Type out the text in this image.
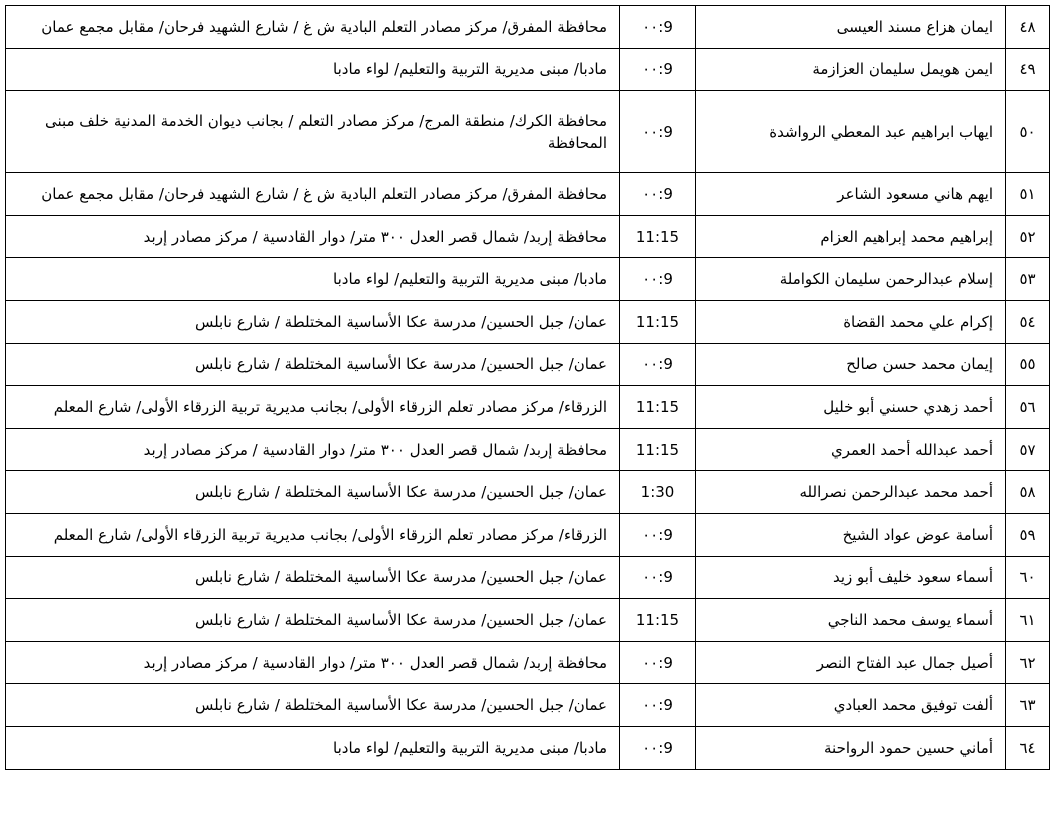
٤٨	ايمان هزاع مسند العيسى	9:٠٠	محافظة المفرق/ مركز مصادر التعلم البادية ش غ / شارع الشهيد فرحان/ مقابل مجمع عمان
٤٩	ايمن هويمل سليمان العزازمة	9:٠٠	مادبا/ مبنى مديرية التربية والتعليم/ لواء مادبا
٥٠	ايهاب ابراهيم عبد المعطي الرواشدة	9:٠٠	محافظة الكرك/ منطقة المرج/ مركز مصادر التعلم / بجانب ديوان الخدمة المدنية خلف مبنى المحافظة
٥١	ايهم هاني مسعود الشاعر	9:٠٠	محافظة المفرق/ مركز مصادر التعلم البادية ش غ / شارع الشهيد فرحان/ مقابل مجمع عمان
٥٢	إبراهيم محمد إبراهيم العزام	11:15	محافظة إربد/ شمال قصر العدل ٣٠٠ متر/ دوار القادسية / مركز مصادر إربد
٥٣	إسلام عبدالرحمن سليمان الكواملة	9:٠٠	مادبا/ مبنى مديرية التربية والتعليم/ لواء مادبا
٥٤	إكرام علي محمد القضاة	11:15	عمان/ جبل الحسين/ مدرسة عكا الأساسية المختلطة / شارع نابلس
٥٥	إيمان محمد حسن صالح	9:٠٠	عمان/ جبل الحسين/ مدرسة عكا الأساسية المختلطة / شارع نابلس
٥٦	أحمد زهدي حسني أبو خليل	11:15	الزرقاء/ مركز مصادر تعلم الزرقاء الأولى/ بجانب مديرية تربية الزرقاء الأولى/ شارع المعلم
٥٧	أحمد عبدالله أحمد العمري	11:15	محافظة إربد/ شمال قصر العدل ٣٠٠ متر/ دوار القادسية / مركز مصادر إربد
٥٨	أحمد محمد عبدالرحمن نصرالله	1:30	عمان/ جبل الحسين/ مدرسة عكا الأساسية المختلطة / شارع نابلس
٥٩	أسامة عوض عواد الشيخ	9:٠٠	الزرقاء/ مركز مصادر تعلم الزرقاء الأولى/ بجانب مديرية تربية الزرقاء الأولى/ شارع المعلم
٦٠	أسماء سعود خليف أبو زيد	9:٠٠	عمان/ جبل الحسين/ مدرسة عكا الأساسية المختلطة / شارع نابلس
٦١	أسماء يوسف محمد الناجي	11:15	عمان/ جبل الحسين/ مدرسة عكا الأساسية المختلطة / شارع نابلس
٦٢	أصيل جمال عبد الفتاح النصر	9:٠٠	محافظة إربد/ شمال قصر العدل ٣٠٠ متر/ دوار القادسية / مركز مصادر إربد
٦٣	ألفت توفيق محمد العبادي	9:٠٠	عمان/ جبل الحسين/ مدرسة عكا الأساسية المختلطة / شارع نابلس
٦٤	أماني حسين حمود الرواحنة	9:٠٠	مادبا/ مبنى مديرية التربية والتعليم/ لواء مادبا
